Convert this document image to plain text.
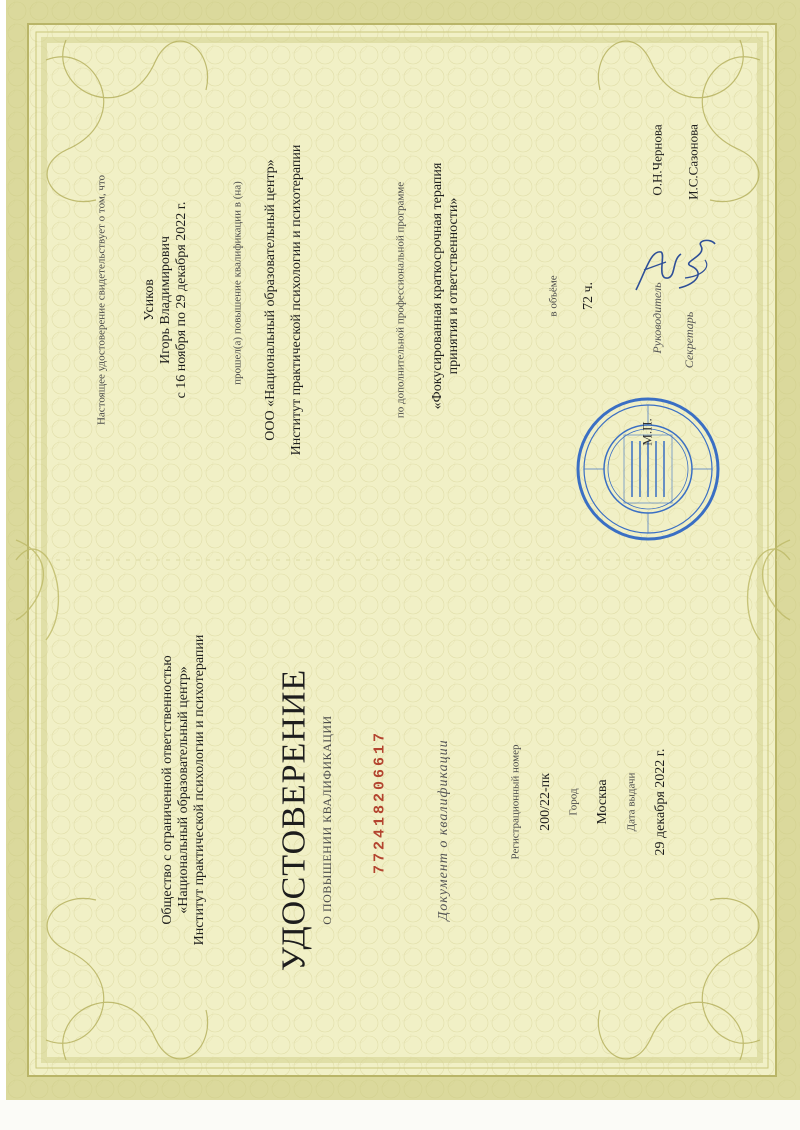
Общество с ограниченной ответственностью «Национальный образовательный центр» Институт практической психологии и психотерапии УДОСТОВЕРЕНИЕ О ПОВЫШЕНИИ КВАЛИФИКАЦИИ 772418206617	Документ о квалификации	Регистрационный номер 200/22-пк Город Москва Дата выдачи 29 декабря 2022 г.
Настоящее удостоверение свидетельствует о том, что Усиков Игорь Владимирович с 16 ноября по 29 декабря 2022 г.	прошел(а) повышение квалификации в (на) ООО «Национальный образовательный центр» Институт практической психологии и психотерапии	по дополнительной профессиональной программе «Фокусированная краткосрочная терапия принятия и ответственности»	в объёме 72 ч.	Руководитель
О.Н.Чернова
Секретарь
И.С.Сазонова
М.П.
